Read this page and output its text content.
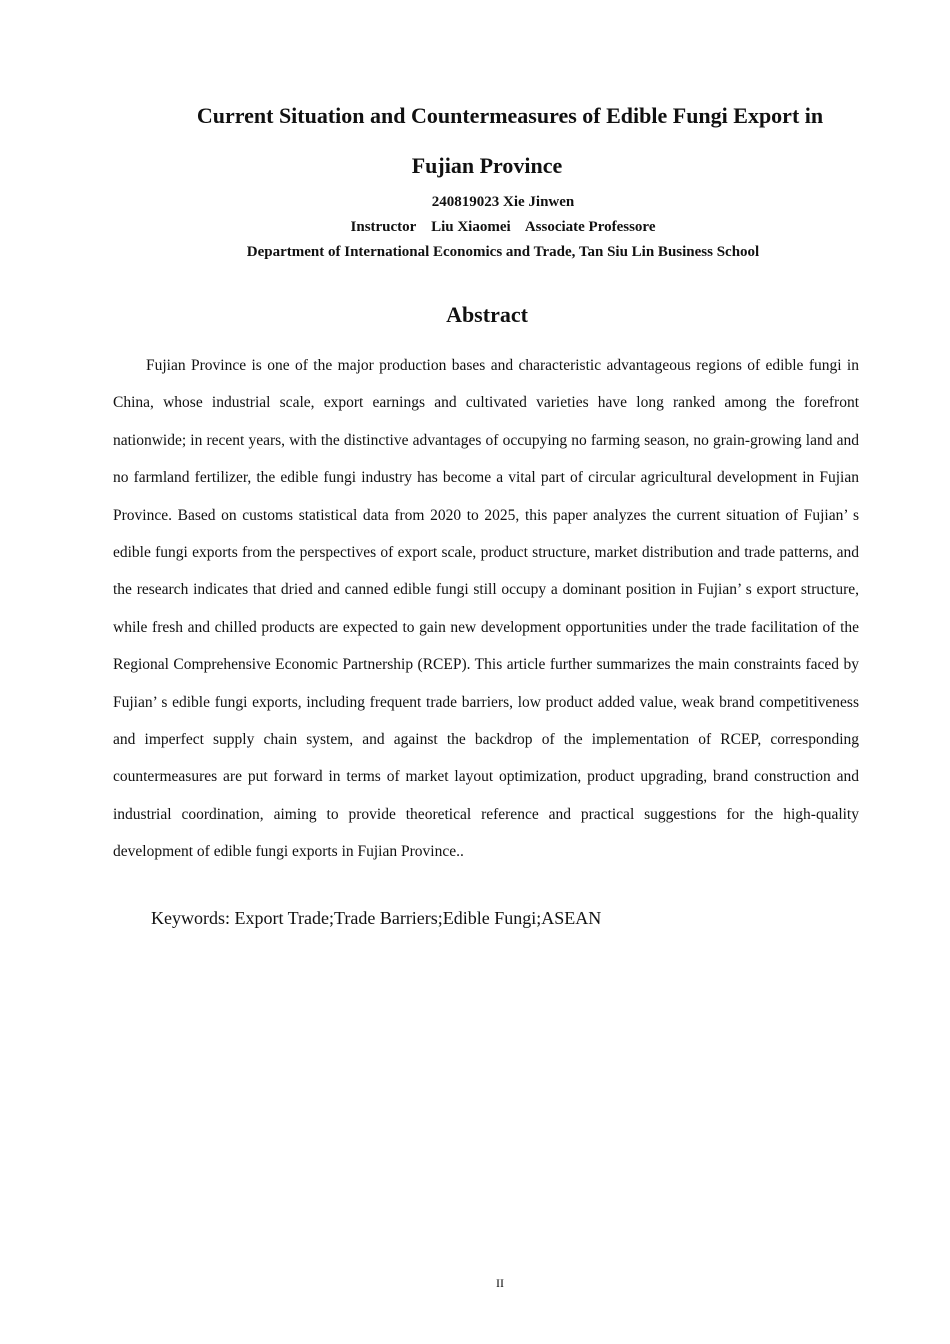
Current Situation and Countermeasures of Edible Fungi Export in
Fujian Province

240819023 Xie Jinwen

Instructor    Liu Xiaomei    Associate Professore

Department of International Economics and Trade, Tan Siu Lin Business School

Abstract

Fujian Province is one of the major production bases and characteristic advantageous regions of edible fungi in China, whose industrial scale, export earnings and cultivated varieties have long ranked among the forefront nationwide; in recent years, with the distinctive advantages of occupying no farming season, no grain-growing land and no farmland fertilizer, the edible fungi industry has become a vital part of circular agricultural development in Fujian Province. Based on customs statistical data from 2020 to 2025, this paper analyzes the current situation of Fujian’ s edible fungi exports from the perspectives of export scale, product structure, market distribution and trade patterns, and the research indicates that dried and canned edible fungi still occupy a dominant position in Fujian’ s export structure, while fresh and chilled products are expected to gain new development opportunities under the trade facilitation of the Regional Comprehensive Economic Partnership (RCEP). This article further summarizes the main constraints faced by Fujian’ s edible fungi exports, including frequent trade barriers, low product added value, weak brand competitiveness and imperfect supply chain system, and against the backdrop of the implementation of RCEP, corresponding countermeasures are put forward in terms of market layout optimization, product upgrading, brand construction and industrial coordination, aiming to provide theoretical reference and practical suggestions for the high-quality development of edible fungi exports in Fujian Province..

Keywords: Export Trade;Trade Barriers;Edible Fungi;ASEAN

II
